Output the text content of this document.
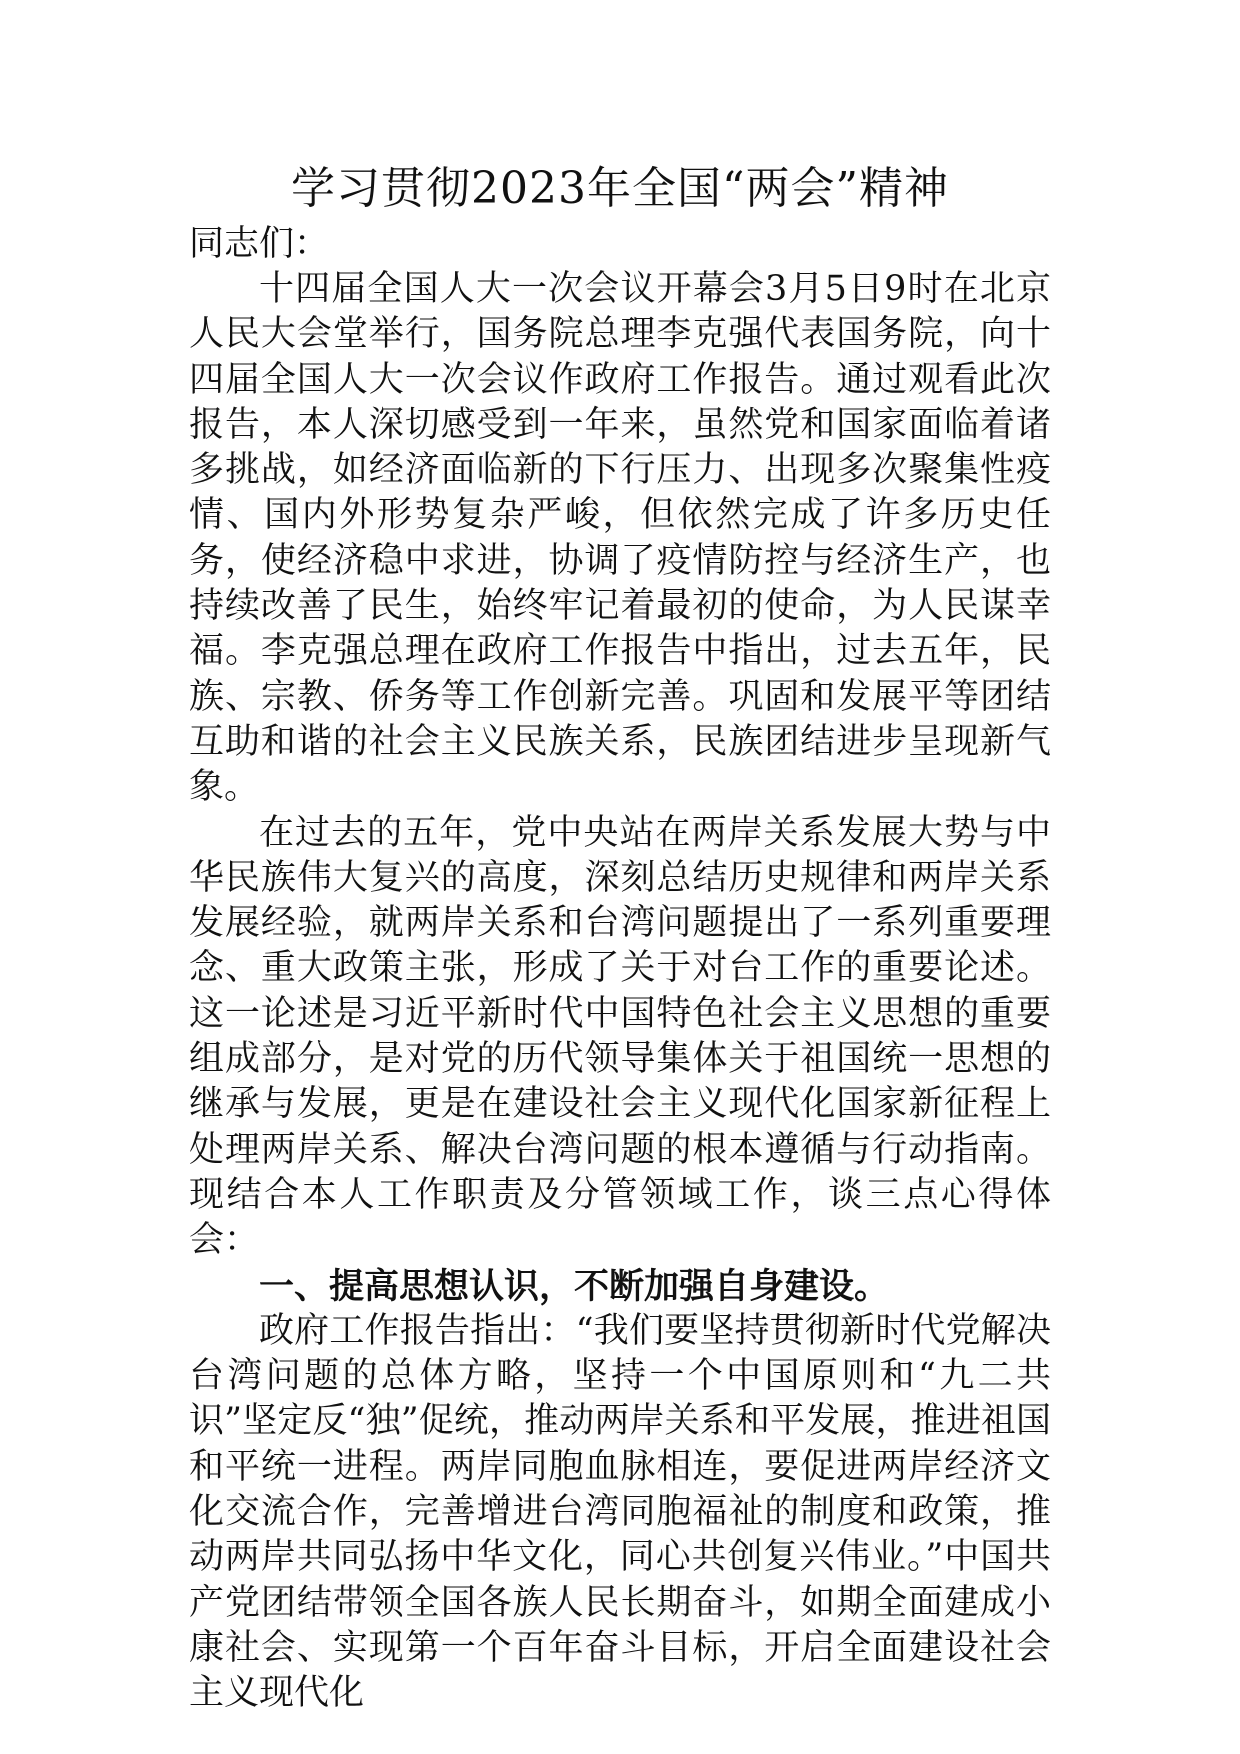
学习贯彻2023年全国“两会”精神

同志们：

十四届全国人大一次会议开幕会3月5日9时在北京人民大会堂举行，国务院总理李克强代表国务院，向十四届全国人大一次会议作政府工作报告。通过观看此次报告，本人深切感受到一年来，虽然党和国家面临着诸多挑战，如经济面临新的下行压力、出现多次聚集性疫情、国内外形势复杂严峻，但依然完成了许多历史任务，使经济稳中求进，协调了疫情防控与经济生产，也持续改善了民生，始终牢记着最初的使命，为人民谋幸福。李克强总理在政府工作报告中指出，过去五年，民族、宗教、侨务等工作创新完善。巩固和发展平等团结互助和谐的社会主义民族关系，民族团结进步呈现新气象。

在过去的五年，党中央站在两岸关系发展大势与中华民族伟大复兴的高度，深刻总结历史规律和两岸关系发展经验，就两岸关系和台湾问题提出了一系列重要理念、重大政策主张，形成了关于对台工作的重要论述。这一论述是习近平新时代中国特色社会主义思想的重要组成部分，是对党的历代领导集体关于祖国统一思想的继承与发展，更是在建设社会主义现代化国家新征程上处理两岸关系、解决台湾问题的根本遵循与行动指南。现结合本人工作职责及分管领域工作，谈三点心得体会：

一、提高思想认识，不断加强自身建设。

政府工作报告指出：“我们要坚持贯彻新时代党解决台湾问题的总体方略，坚持一个中国原则和“九二共识”坚定反“独”促统，推动两岸关系和平发展，推进祖国和平统一进程。两岸同胞血脉相连，要促进两岸经济文化交流合作，完善增进台湾同胞福祉的制度和政策，推动两岸共同弘扬中华文化，同心共创复兴伟业。”中国共产党团结带领全国各族人民长期奋斗，如期全面建成小康社会、实现第一个百年奋斗目标，开启全面建设社会主义现代化
